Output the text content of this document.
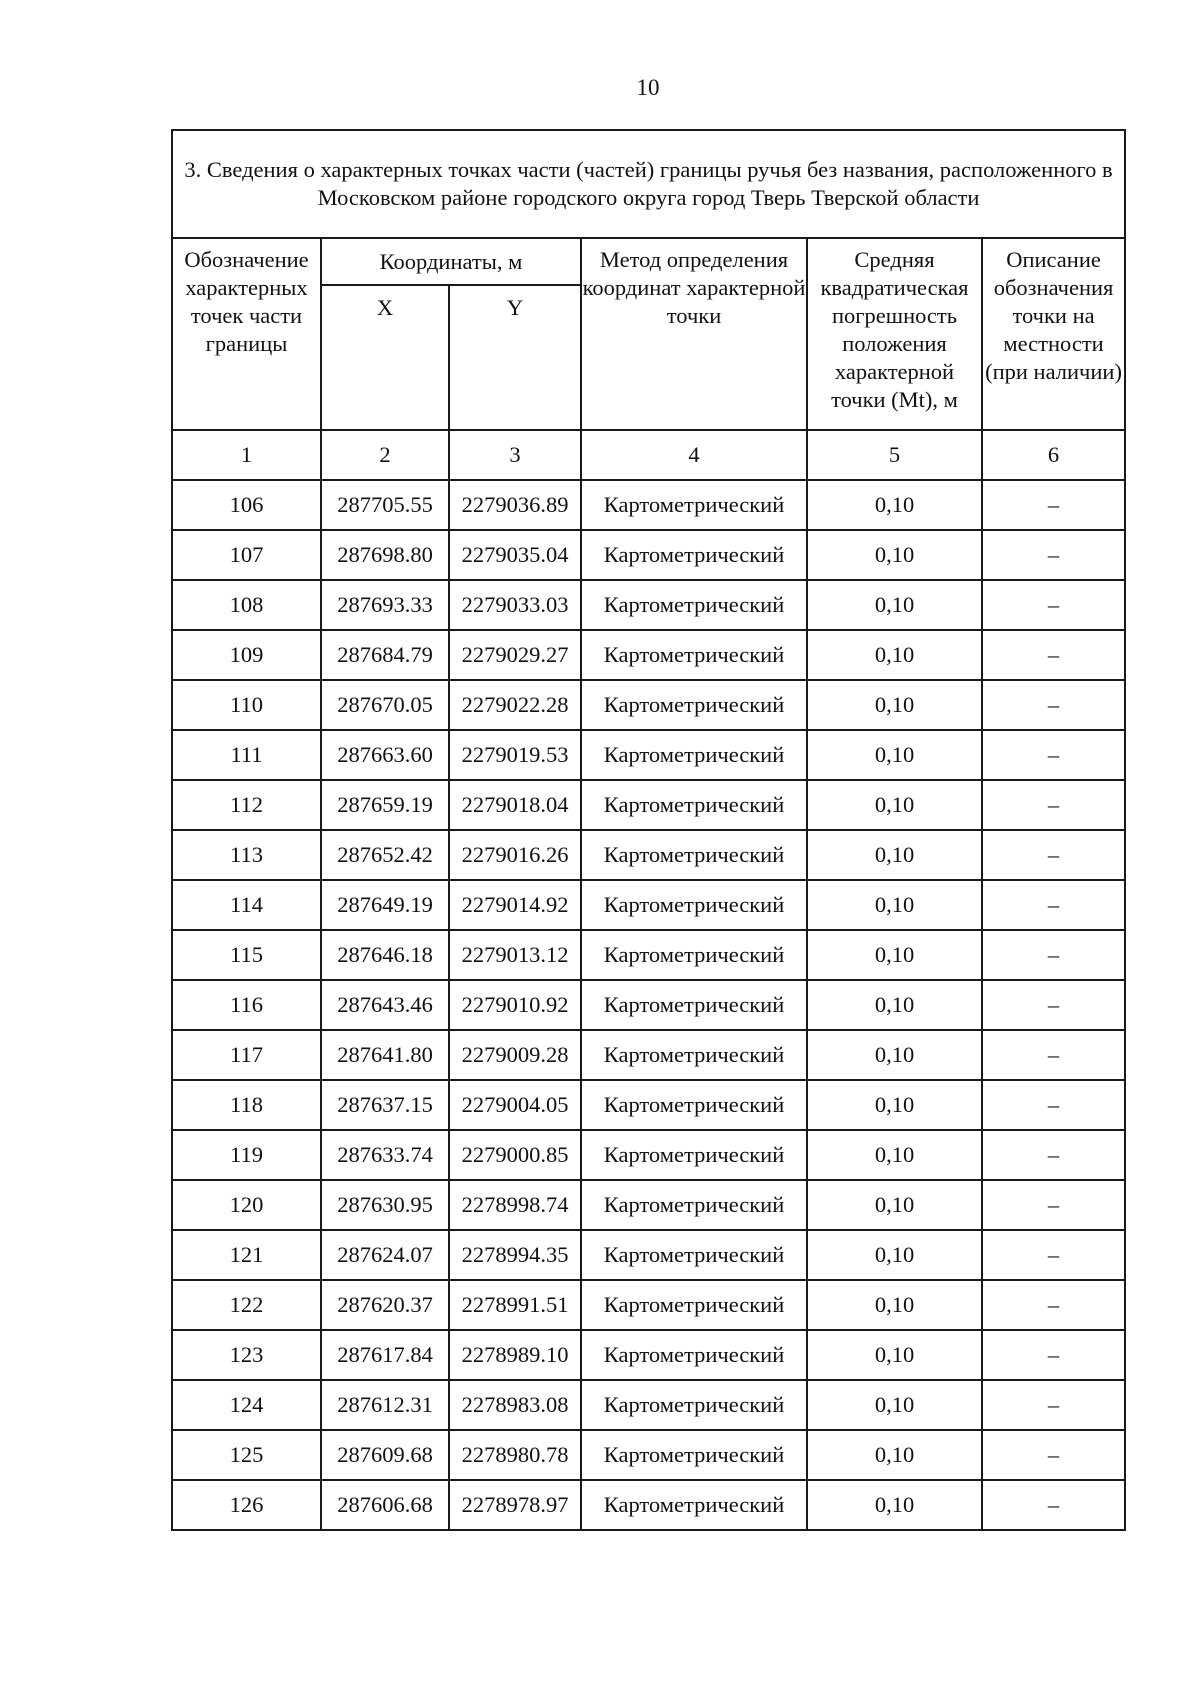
10
3. Сведения о характерных точках части (частей) границы ручья без названия, расположенного в Московском районе городского округа город Тверь Тверской области					
Обозначение характерных точек части границы	Координаты, м		Метод определения координат характерной точки	Средняя квадратическая погрешность положения характерной точки (Mt), м	Описание обозначения точки на местности (при наличии)
	X	Y			
1	2	3	4	5	6
106	287705.55	2279036.89	Картометрический	0,10	–
107	287698.80	2279035.04	Картометрический	0,10	–
108	287693.33	2279033.03	Картометрический	0,10	–
109	287684.79	2279029.27	Картометрический	0,10	–
110	287670.05	2279022.28	Картометрический	0,10	–
111	287663.60	2279019.53	Картометрический	0,10	–
112	287659.19	2279018.04	Картометрический	0,10	–
113	287652.42	2279016.26	Картометрический	0,10	–
114	287649.19	2279014.92	Картометрический	0,10	–
115	287646.18	2279013.12	Картометрический	0,10	–
116	287643.46	2279010.92	Картометрический	0,10	–
117	287641.80	2279009.28	Картометрический	0,10	–
118	287637.15	2279004.05	Картометрический	0,10	–
119	287633.74	2279000.85	Картометрический	0,10	–
120	287630.95	2278998.74	Картометрический	0,10	–
121	287624.07	2278994.35	Картометрический	0,10	–
122	287620.37	2278991.51	Картометрический	0,10	–
123	287617.84	2278989.10	Картометрический	0,10	–
124	287612.31	2278983.08	Картометрический	0,10	–
125	287609.68	2278980.78	Картометрический	0,10	–
126	287606.68	2278978.97	Картометрический	0,10	–
